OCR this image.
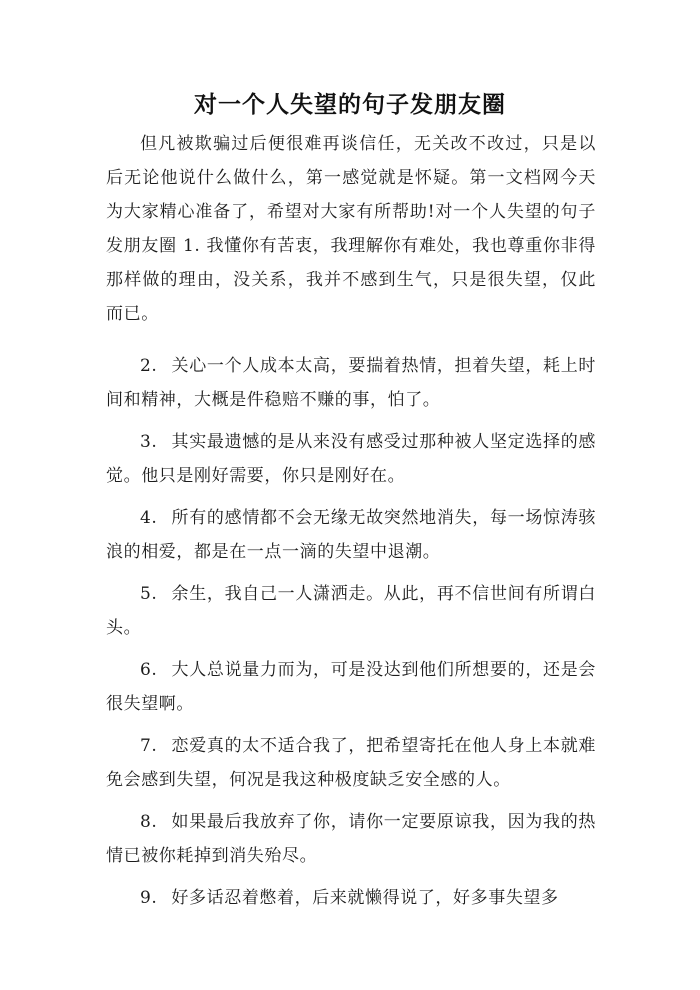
对一个人失望的句子发朋友圈

但凡被欺骗过后便很难再谈信任，无关改不改过，只是以后无论他说什么做什么，第一感觉就是怀疑。第一文档网今天为大家精心准备了，希望对大家有所帮助!对一个人失望的句子发朋友圈 1. 我懂你有苦衷，我理解你有难处，我也尊重你非得那样做的理由，没关系，我并不感到生气，只是很失望，仅此而已。

2. 关心一个人成本太高，要揣着热情，担着失望，耗上时间和精神，大概是件稳赔不赚的事，怕了。

3. 其实最遗憾的是从来没有感受过那种被人坚定选择的感觉。他只是刚好需要，你只是刚好在。

4. 所有的感情都不会无缘无故突然地消失，每一场惊涛骇浪的相爱，都是在一点一滴的失望中退潮。

5. 余生，我自己一人潇洒走。从此，再不信世间有所谓白头。

6. 大人总说量力而为，可是没达到他们所想要的，还是会很失望啊。

7. 恋爱真的太不适合我了，把希望寄托在他人身上本就难免会感到失望，何况是我这种极度缺乏安全感的人。

8. 如果最后我放弃了你，请你一定要原谅我，因为我的热情已被你耗掉到消失殆尽。

9. 好多话忍着憋着，后来就懒得说了，好多事失望多
